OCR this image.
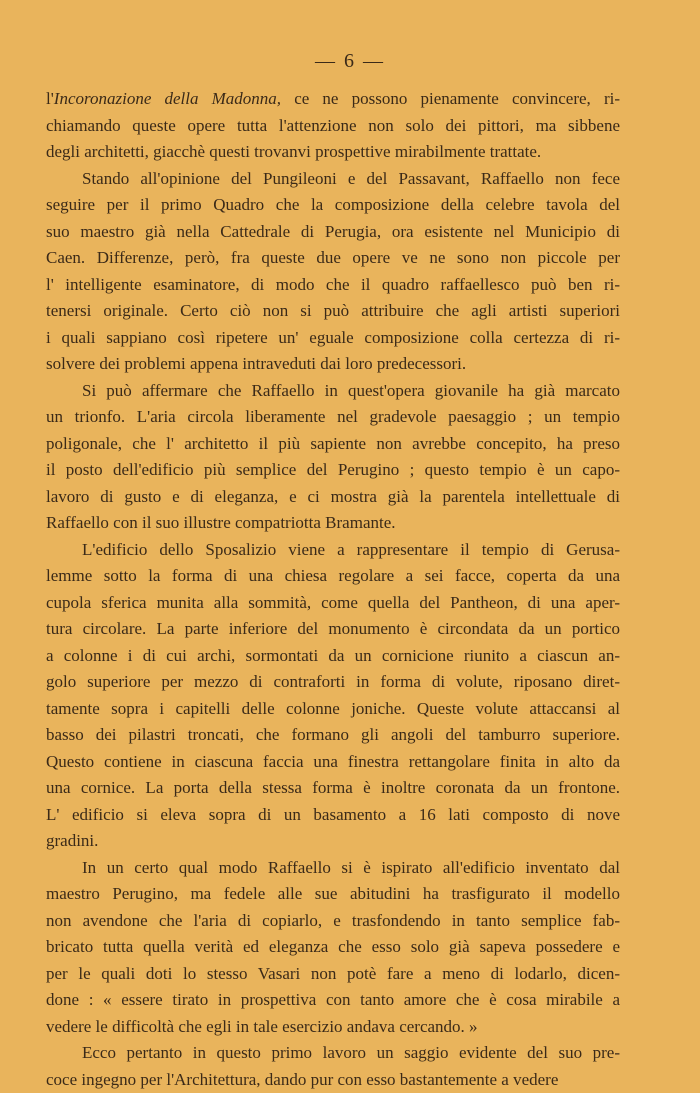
— 6 —
l'Incoronazione della Madonna, ce ne possono pienamente convincere, ri-
chiamando queste opere tutta l'attenzione non solo dei pittori, ma sibbene
degli architetti, giacchè questi trovanvi prospettive mirabilmente trattate.
Stando all'opinione del Pungileoni e del Passavant, Raffaello non fece
seguire per il primo Quadro che la composizione della celebre tavola del
suo maestro già nella Cattedrale di Perugia, ora esistente nel Municipio di
Caen. Differenze, però, fra queste due opere ve ne sono non piccole per
l' intelligente esaminatore, di modo che il quadro raffaellesco può ben ri-
tenersi originale. Certo ciò non si può attribuire che agli artisti superiori
i quali sappiano così ripetere un' eguale composizione colla certezza di ri-
solvere dei problemi appena intraveduti dai loro predecessori.
Si può affermare che Raffaello in quest'opera giovanile ha già marcato
un trionfo. L'aria circola liberamente nel gradevole paesaggio ; un tempio
poligonale, che l' architetto il più sapiente non avrebbe concepito, ha preso
il posto dell'edificio più semplice del Perugino ; questo tempio è un capo-
lavoro di gusto e di eleganza, e ci mostra già la parentela intellettuale di
Raffaello con il suo illustre compatriotta Bramante.
L'edificio dello Sposalizio viene a rappresentare il tempio di Gerusa-
lemme sotto la forma di una chiesa regolare a sei facce, coperta da una
cupola sferica munita alla sommità, come quella del Pantheon, di una aper-
tura circolare. La parte inferiore del monumento è circondata da un portico
a colonne i di cui archi, sormontati da un cornicione riunito a ciascun an-
golo superiore per mezzo di contraforti in forma di volute, riposano diret-
tamente sopra i capitelli delle colonne joniche. Queste volute attaccansi al
basso dei pilastri troncati, che formano gli angoli del tamburro superiore.
Questo contiene in ciascuna faccia una finestra rettangolare finita in alto da
una cornice. La porta della stessa forma è inoltre coronata da un frontone.
L' edificio si eleva sopra di un basamento a 16 lati composto di nove
gradini.
In un certo qual modo Raffaello si è ispirato all'edificio inventato dal
maestro Perugino, ma fedele alle sue abitudini ha trasfigurato il modello
non avendone che l'aria di copiarlo, e trasfondendo in tanto semplice fab-
bricato tutta quella verità ed eleganza che esso solo già sapeva possedere e
per le quali doti lo stesso Vasari non potè fare a meno di lodarlo, dicen-
done : « essere tirato in prospettiva con tanto amore che è cosa mirabile a
vedere le difficoltà che egli in tale esercizio andava cercando. »
Ecco pertanto in questo primo lavoro un saggio evidente del suo pre-
coce ingegno per l'Architettura, dando pur con esso bastantemente a vedere
